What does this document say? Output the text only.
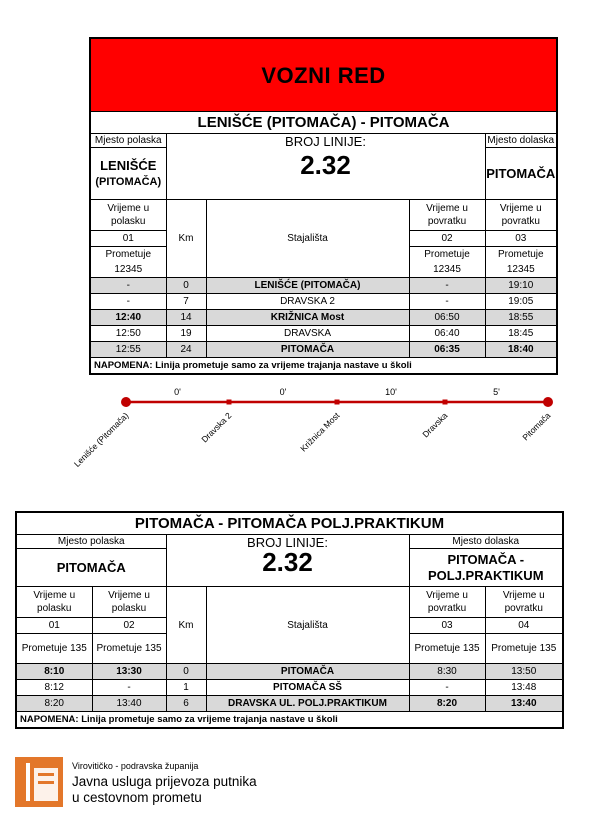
VOZNI RED				
LENIŠĆE (PITOMAČA) - PITOMAČA				
Mjesto polaska	BROJ LINIJE:
2.32			Mjesto dolaska

LENIŠĆE
(PITOMAČA)				PITOMAČA
Vrijeme u polasku	Km	Stajališta	Vrijeme u povratku	Vrijeme u povratku
01			02	03
Prometuje			Prometuje	Prometuje
12345			12345	12345
-	0	LENIŠĆE (PITOMAČA)	-	19:10
-	7	DRAVSKA 2	-	19:05
12:40	14	KRIŽNICA Most	06:50	18:55
12:50	19	DRAVSKA	06:40	18:45
12:55	24	PITOMAČA	06:35	18:40
NAPOMENA: Linija prometuje samo za vrijeme trajanja nastave u školi				
0'	0'	10'	5'
Lenišće (Pitomača)	Dravska 2	Križnica Most	Dravska	Pitomača
PITOMAČA - PITOMAČA POLJ.PRAKTIKUM					
Mjesto polaska		BROJ LINIJE:
2.32		Mjesto dolaska	
PITOMAČA				PITOMAČA -
POLJ.PRAKTIKUM	

Vrijeme u polasku	Vrijeme u polasku	Km	Stajališta	Vrijeme u povratku	Vrijeme u povratku
01	02			03	04
Prometuje 135	Prometuje 135			Prometuje 135	Prometuje 135
8:10	13:30	0	PITOMAČA	8:30	13:50
8:12	-	1	PITOMAČA SŠ	-	13:48
8:20	13:40	6	DRAVSKA UL. POLJ.PRAKTIKUM	8:20	13:40
NAPOMENA: Linija prometuje samo za vrijeme trajanja nastave u školi					
Virovitičko - podravska županija
Javna usluga prijevoza putnika
u cestovnom prometu
